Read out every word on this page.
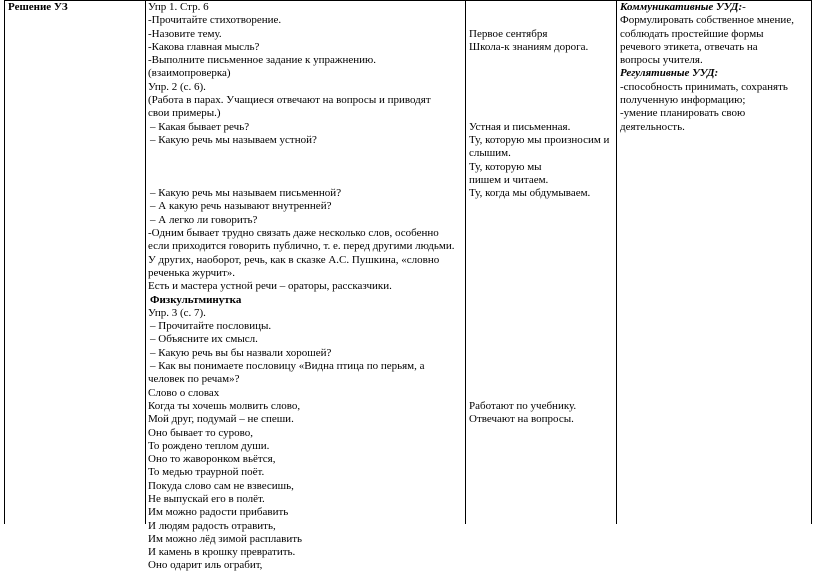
Решение УЗ	Упр 1. Стр. 6
-Прочитайте стихотворение.
-Назовите тему.
-Какова главная мысль?
-Выполните письменное задание к упражнению.
(взаимопроверка)
Упр. 2 (с. 6).
(Работа в парах. Учащиеся отвечают на вопросы и приводят
свои примеры.)
– Какая бывает речь?
– Какую речь мы называем устной?

– Какую речь мы называем письменной?
– А какую речь называют внутренней?
– А легко ли говорить?
-Одним бывает трудно связать даже несколько слов, особенно
если приходится говорить публично, т. е. перед другими людьми.
У других, наоборот, речь, как в сказке А.С. Пушкина, «словно
реченька журчит».
Есть и мастера устной речи – ораторы, рассказчики.
Физкультминутка
Упр. 3 (с. 7).
– Прочитайте пословицы.
– Объясните их смысл.
– Какую речь вы бы назвали хорошей?
– Как вы понимаете пословицу «Видна птица по перьям, а
человек по речам»?
Слово о словах
Когда ты хочешь молвить слово,
Мой друг, подумай – не спеши.
Оно бывает то сурово,
То рождено теплом души.
Оно то жаворонком вьётся,
То медью траурной поёт.
Покуда слово сам не взвесишь,
Не выпускай его в полёт.
Им можно радости прибавить
И людям радость отравить,
Им можно лёд зимой расплавить
И камень в крошку превратить.
Оно одарит иль ограбит,

Первое сентября
Школа-к знаниям дорога.

Устная и письменная.
Ту, которую мы произносим и
слышим.
Ту, которую мы
пишем и читаем.
Ту, когда мы обдумываем.

Работают по учебнику.
Отвечают на вопросы.
Коммуникативные УУД:-
Формулировать собственное мнение,
соблюдать простейшие формы
речевого этикета, отвечать на
вопросы учителя.
Регулятивные УУД:
-способность принимать, сохранять
полученную информацию;
-умение планировать свою
деятельность.
